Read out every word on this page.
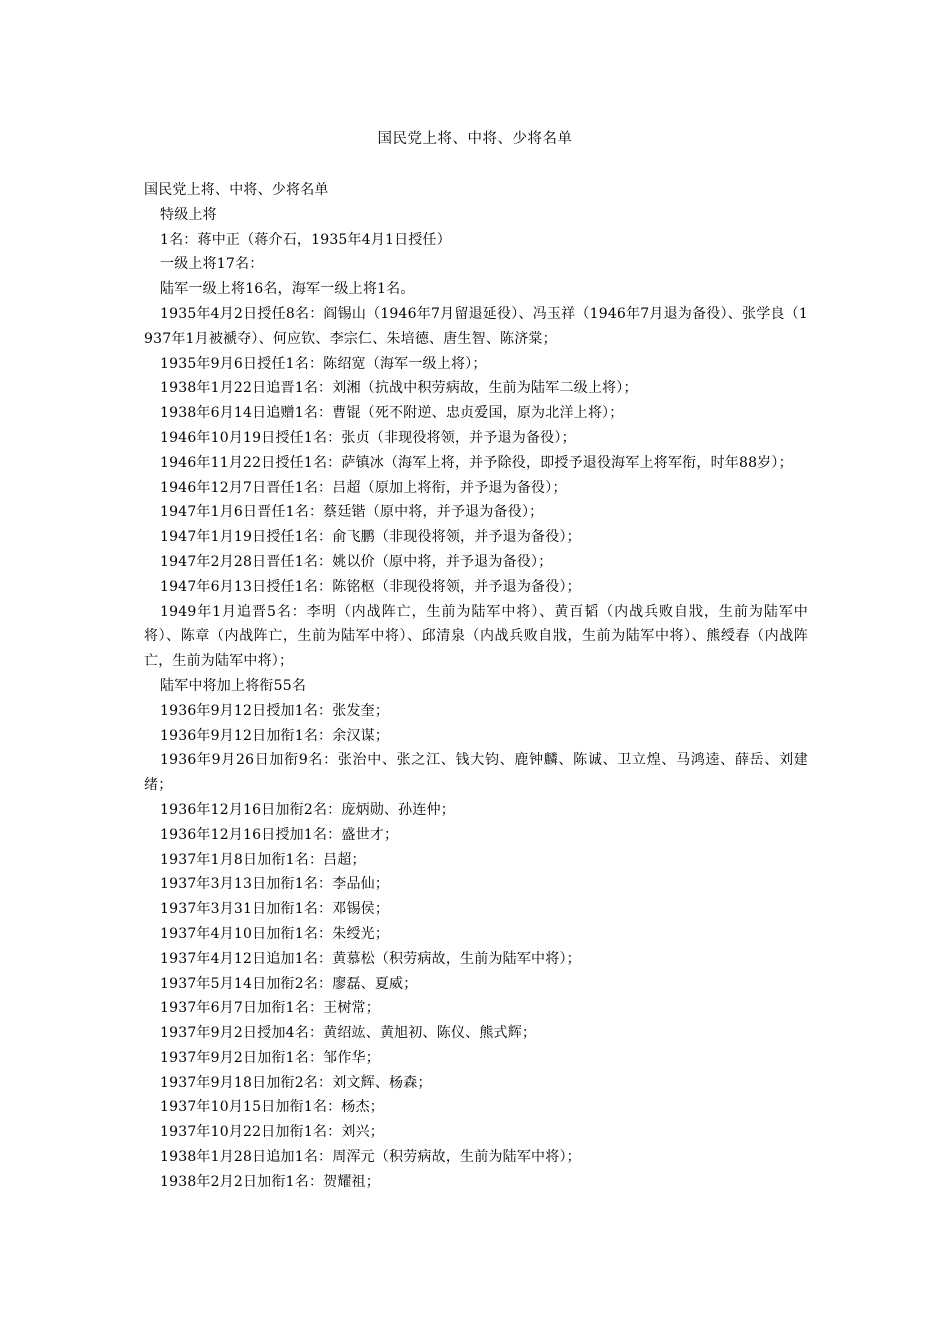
国民党上将、中将、少将名单

国民党上将、中将、少将名单

特级上将

1名：蒋中正（蒋介石，1935年4月1日授任）

一级上将17名：

陆军一级上将16名，海军一级上将1名。

1935年4月2日授任8名：阎锡山（1946年7月留退延役）、冯玉祥（1946年7月退为备役）、张学良（1937年1月被褫夺）、何应钦、李宗仁、朱培德、唐生智、陈济棠；

1935年9月6日授任1名：陈绍宽（海军一级上将）；

1938年1月22日追晋1名：刘湘（抗战中积劳病故，生前为陆军二级上将）；

1938年6月14日追赠1名：曹锟（死不附逆、忠贞爱国，原为北洋上将）；

1946年10月19日授任1名：张贞（非现役将领，并予退为备役）；

1946年11月22日授任1名：萨镇冰（海军上将，并予除役，即授予退役海军上将军衔，时年88岁）；

1946年12月7日晋任1名：吕超（原加上将衔，并予退为备役）；

1947年1月6日晋任1名：蔡廷锴（原中将，并予退为备役）；

1947年1月19日授任1名：俞飞鹏（非现役将领，并予退为备役）；

1947年2月28日晋任1名：姚以价（原中将，并予退为备役）；

1947年6月13日授任1名：陈铭枢（非现役将领，并予退为备役）；

1949年1月追晋5名：李明（内战阵亡，生前为陆军中将）、黄百韬（内战兵败自戕，生前为陆军中将）、陈章（内战阵亡，生前为陆军中将）、邱清泉（内战兵败自戕，生前为陆军中将）、熊绶春（内战阵亡，生前为陆军中将）；

陆军中将加上将衔55名

1936年9月12日授加1名：张发奎；

1936年9月12日加衔1名：余汉谋；

1936年9月26日加衔9名：张治中、张之江、钱大钧、鹿钟麟、陈诚、卫立煌、马鸿逵、薛岳、刘建绪；

1936年12月16日加衔2名：庞炳勋、孙连仲；

1936年12月16日授加1名：盛世才；

1937年1月8日加衔1名：吕超；

1937年3月13日加衔1名：李品仙；

1937年3月31日加衔1名：邓锡侯；

1937年4月10日加衔1名：朱绶光；

1937年4月12日追加1名：黄慕松（积劳病故，生前为陆军中将）；

1937年5月14日加衔2名：廖磊、夏威；

1937年6月7日加衔1名：王树常；

1937年9月2日授加4名：黄绍竑、黄旭初、陈仪、熊式辉；

1937年9月2日加衔1名：邹作华；

1937年9月18日加衔2名：刘文辉、杨森；

1937年10月15日加衔1名：杨杰；

1937年10月22日加衔1名：刘兴；

1938年1月28日追加1名：周浑元（积劳病故，生前为陆军中将）；

1938年2月2日加衔1名：贺耀祖；
